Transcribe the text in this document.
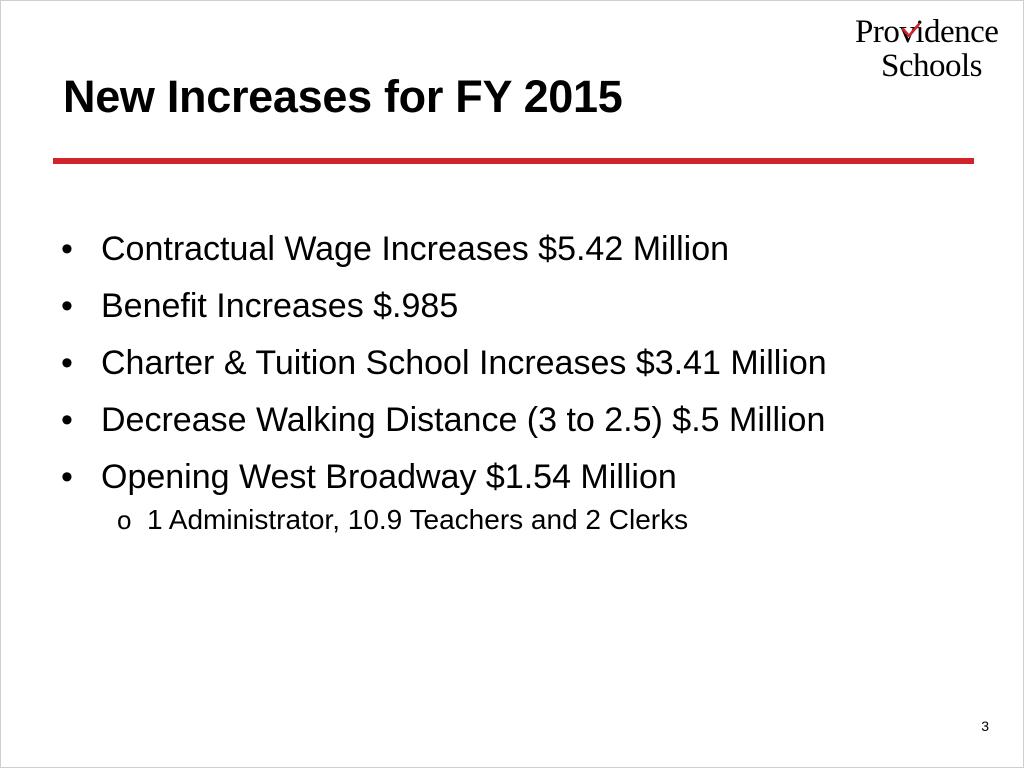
New Increases for FY 2015
Providence
Schools
• Contractual Wage Increases $5.42 Million
• Benefit Increases $.985
• Charter & Tuition School Increases $3.41 Million
• Decrease Walking Distance (3 to 2.5) $.5 Million
• Opening West Broadway $1.54 Million
o 1 Administrator, 10.9 Teachers and 2 Clerks
3
